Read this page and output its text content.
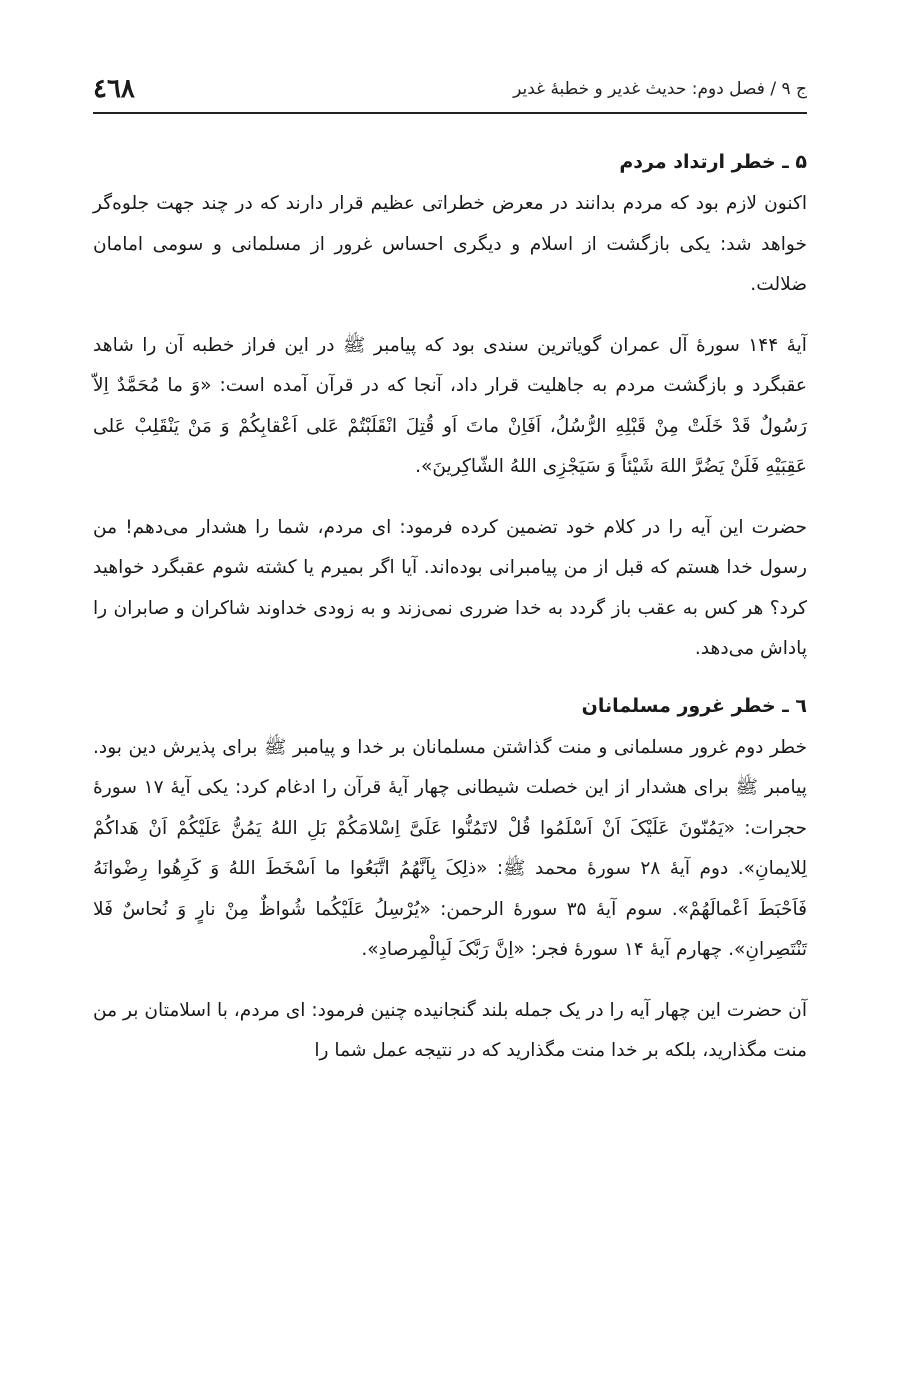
ج ۹ / فصل دوم: حدیث غدیر و خطبهٔ غدیر
٤٦٨
۵ ـ خطر ارتداد مردم

اکنون لازم بود که مردم بدانند در معرض خطراتی عظیم قرار دارند که در چند جهت جلوه‌گر خواهد شد: یکی بازگشت از اسلام و دیگری احساس غرور از مسلمانی و سومی امامان ضلالت.

آیهٔ ۱۴۴ سورهٔ آل عمران گویاترین سندی بود که پیامبر ﷺ در این فراز خطبه آن را شاهد عقبگرد و بازگشت مردم به جاهلیت قرار داد، آنجا که در قرآن آمده است: «وَ ما مُحَمَّدٌ اِلاّ رَسُولٌ قَدْ خَلَتْ مِنْ قَبْلِهِ الرُّسُلُ، اَفَاِنْ ماتَ اَو قُتِلَ انْقَلَبْتُمْ عَلی اَعْقابِکُمْ وَ مَنْ یَنْقَلِبْ عَلی عَقِبَیْهِ فَلَنْ یَضُرَّ اللهَ شَیْئاً وَ سَیَجْزِی اللهُ الشّاکِرینَ».

حضرت این آیه را در کلام خود تضمین کرده فرمود: ای مردم، شما را هشدار می‌دهم! من رسول خدا هستم که قبل از من پیامبرانی بوده‌اند. آیا اگر بمیرم یا کشته شوم عقبگرد خواهید کرد؟ هر کس به عقب باز گردد به خدا ضرری نمی‌زند و به زودی خداوند شاکران و صابران را پاداش می‌دهد.

٦ ـ خطر غرور مسلمانان

خطر دوم غرور مسلمانی و منت گذاشتن مسلمانان بر خدا و پیامبر ﷺ برای پذیرش دین بود. پیامبر ﷺ برای هشدار از این خصلت شیطانی چهار آیهٔ قرآن را ادغام کرد: یکی آیهٔ ۱۷ سورهٔ حجرات: «یَمُنّونَ عَلَیْکَ اَنْ اَسْلَمُوا قُلْ لاتَمُنُّوا عَلَیَّ اِسْلامَکُمْ بَلِ اللهُ یَمُنُّ عَلَیْکُمْ اَنْ هَداکُمْ لِلایمانِ». دوم آیهٔ ۲۸ سورهٔ محمد ﷺ: «ذلِکَ بِاَنَّهُمُ اتَّبَعُوا ما اَسْخَطَ اللهُ وَ کَرِهُوا رِضْوانَهُ فَاَحْبَطَ اَعْمالَهُمْ». سوم آیهٔ ۳۵ سورهٔ الرحمن: «یُرْسِلُ عَلَیْکُما شُواظٌ مِنْ نارٍ وَ نُحاسٌ فَلا تَنْتَصِرانِ». چهارم آیهٔ ۱۴ سورهٔ فجر: «اِنَّ رَبَّکَ لَبِالْمِرصادِ».

آن حضرت این چهار آیه را در یک جمله بلند گنجانیده چنین فرمود: ای مردم، با اسلامتان بر من منت مگذارید، بلکه بر خدا منت مگذارید که در نتیجه عمل شما را
